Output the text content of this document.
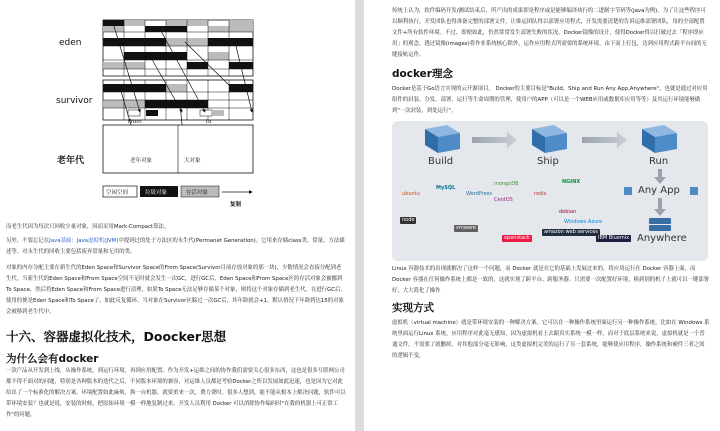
eden
survivor
老年代
From	to
老年对象	大对象
空闲空间	垃圾对象	存活对象
复制

而老生代因为每次只回收少量对象，因而采用Mark-Compact算法。

另外，不要忘记在Java基础：Java虚拟机(JVM)中提到过的处于方法区的永生代(Permanet Generation)。它用来存储class类、常量、方法描述等。对永生代的回收主要包括废弃常量和无用的类。

对象的内存分配主要在新生代的Eden Space和Survivor Space的From Space(Survivor目前存放对象的那一块)，少数情况会直接分配到老生代。当新生代的Eden Space和From Space空间不足时就会发生一次GC，进行GC后，Eden Space和From Space区的存活对象会被挪到To Space，然后将Eden Space和From Space进行清理。如果To Space无法足够存储某个对象，则将这个对象存储到老生代。在进行GC后，使用的便是Eden Space和To Space了，如此反复循环。当对象在Survivor区躲过一次GC后，其年龄就会+1。默认情况下年龄到达15的对象会被移到老生代中。

十六、容器虚拟化技术，Doocker思想
为什么会有docker

一款产品从开发到上线，从操作系统，到运行环境，再到应用配置。作为开发+运维之间的协作我们需要关心很多东西，这也是很多互联网公司都不得不面对的问题，特别是各种版本的迭代之后，不同版本环境的兼容，对运维人员都是考验Docker之所以发展如此迅速，也是因为它对此给出了一个标准化的解决方案。环境配置如此麻烦，换一台机器，就要重来一次，费力费时。很多人想到，能不能从根本上解决问题，软件可以带环境安装？也就是说，安装的时候，把原始环境一模一样地复制过来。开发人员利用 Docker 可以消除协作编码时"在我的机器上可正常工作"的问题。

传统上认为，软件编码开发/测试结束后，所产出的成果即是程序或是能够编译执行的二进制字节码等(java为例)。为了让这些程序可以顺利执行，开发团队也得准备完整的部署文件，让维运团队得以部署应用程式，开发需要清楚的告诉运维部署团队，用的全部配置文件+所有软件环境。不过，即便如此，仍然常常发生部署失败的状况。Docker镜像的设计，使得Docker得以打破过去「程序即应用」的观念。透过镜像(images)将作业系统核心除外，运作应用程式所需要的系统环境，由下而上打包，达到应用程式跨平台间的无缝接轨运作。

docker理念

Docker是基于Go语言实现的云开源项目。 Docker的主要目标是"Build，Ship and Run Any App,Anywhere"，也就是通过对应用组件的封装、分发、部署、运行等生命周期的管理，使用户的APP（可以是一个WEB应用或数据库应用等等）及其运行环境能够做到"一次封装，到处运行"。

Build	Ship	Run
Any App
Anywhere
ubuntu
MySQL
WordPress
mongoDB
CentOS
redis
NGINX
node
vmware
openstack
amazon web services
debian
Windows Azure
IBM Bluemix

Linux 容器技术的出现就解决了这样一个问题，而 Docker 就是在它的基础上发展过来的。将应用运行在 Docker 容器上面，而 Docker 容器在任何操作系统上都是一致的，这就实现了跨平台、跨服务器。只需要一次配置好环境，换到别的机子上就可以一键部署好，大大简化了操作

实现方式

虚拟机（virtual machine）就是带环境安装的一种解决方案。它可以在一种操作系统里面运行另一种操作系统，比如在 Windows 系统里面运行Linux 系统。应用程序对此毫无感知，因为虚拟机看上去跟真实系统一模一样，而对于底层系统来说，虚拟机就是一个普通文件，不需要了就删掉，对其他部分毫无影响。这类虚拟机完美的运行了另一套系统，能够使应用程序，操作系统和硬件三者之间的逻辑不变。
